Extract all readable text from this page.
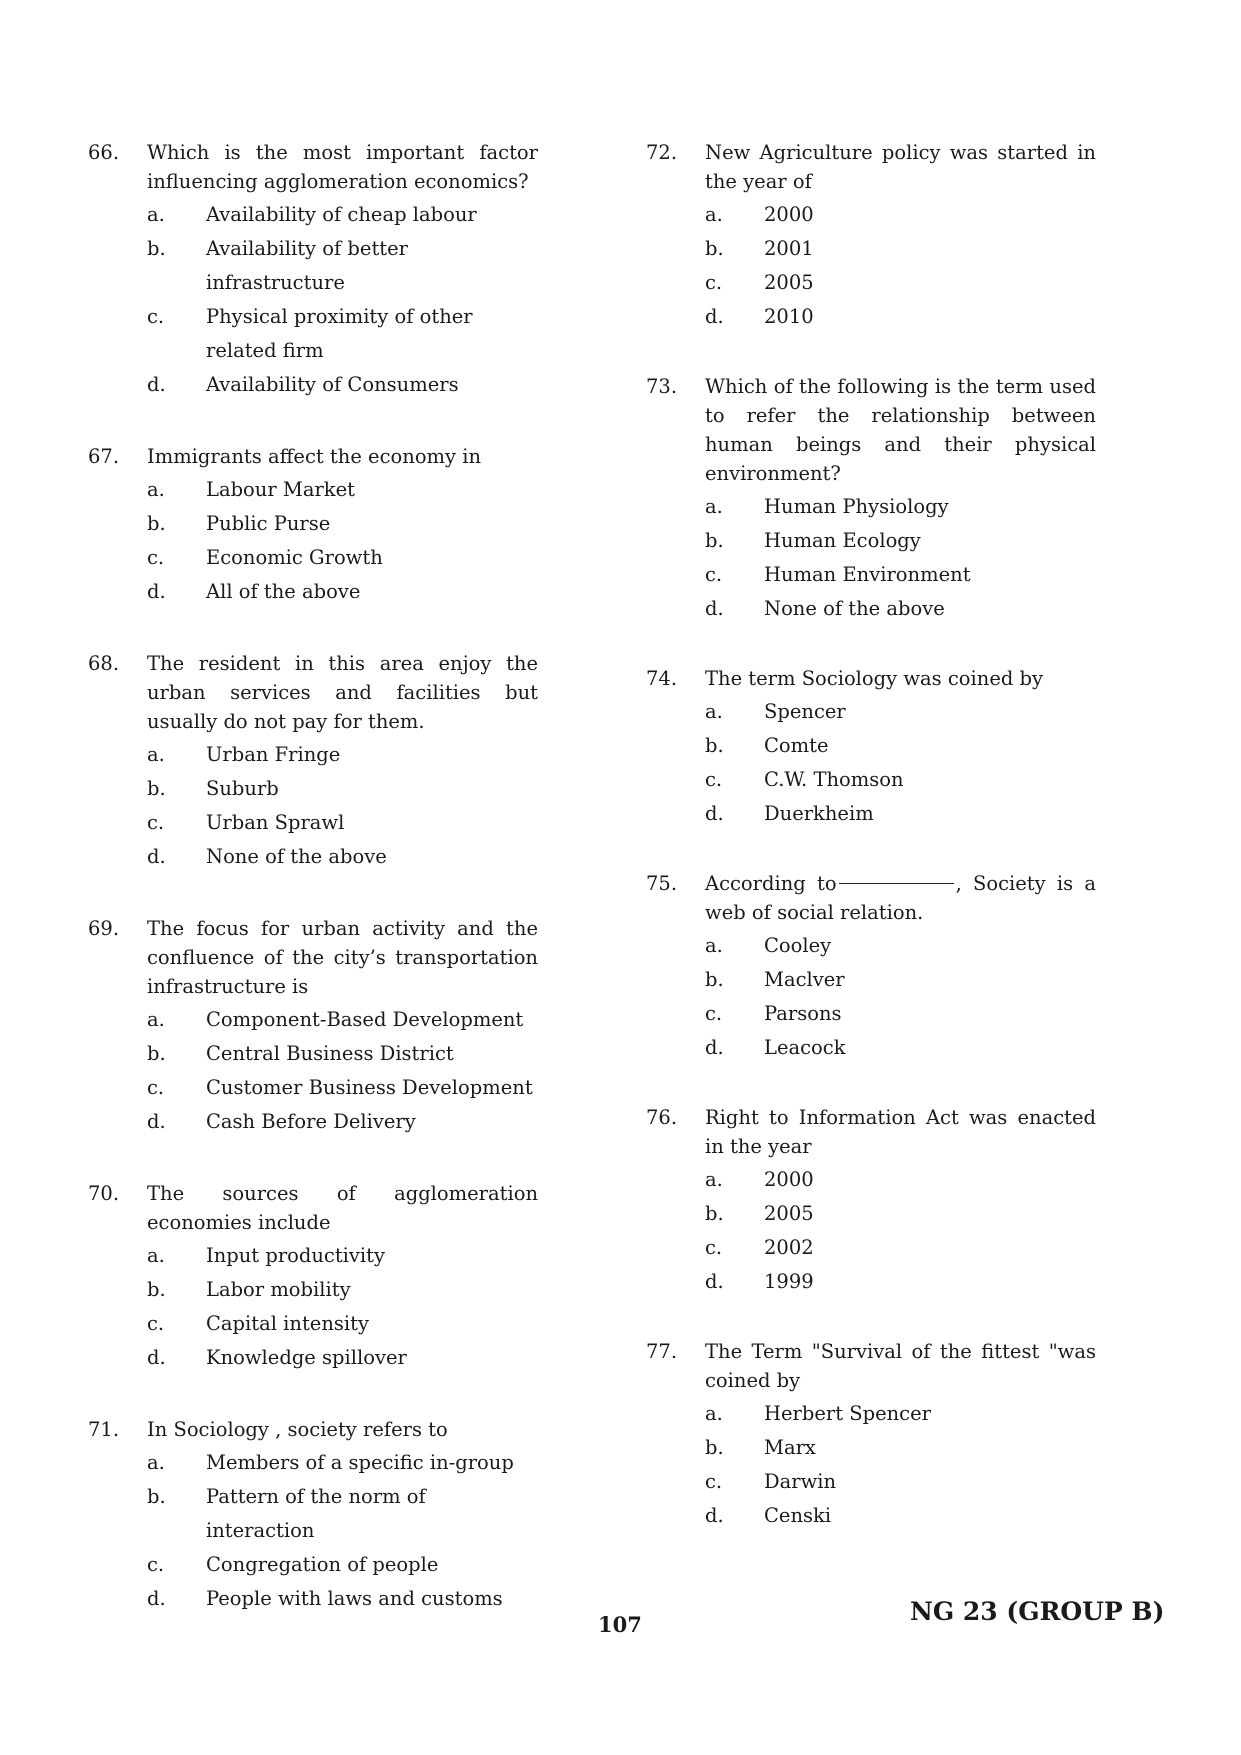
66.	Which is the most important factor influencing agglomeration economics?
a.	Availability of cheap labour
b.	Availability of better infrastructure
c.	Physical proximity of other related firm
d.	Availability of Consumers
67.	Immigrants affect the economy in
a.	Labour Market
b.	Public Purse
c.	Economic Growth
d.	All of the above
68.	The resident in this area enjoy the urban services and facilities but usually do not pay for them.
a.	Urban Fringe
b.	Suburb
c.	Urban Sprawl
d.	None of the above
69.	The focus for urban activity and the confluence of the city’s transportation infrastructure is
a.	Component-Based Development
b.	Central Business District
c.	Customer Business Development
d.	Cash Before Delivery
70.	The sources of agglomeration economies include
a.	Input productivity
b.	Labor mobility
c.	Capital intensity
d.	Knowledge spillover
71.	In Sociology , society refers to
a.	Members of a specific in-group
b.	Pattern of the norm of interaction
c.	Congregation of people
d.	People with laws and customs
72.	New Agriculture policy was started in the year of
a.	2000
b.	2001
c.	2005
d.	2010
73.	Which of the following is the term used to refer the relationship between human beings and their physical environment?
a.	Human Physiology
b.	Human Ecology
c.	Human Environment
d.	None of the above
74.	The term Sociology was coined by
a.	Spencer
b.	Comte
c.	C.W. Thomson
d.	Duerkheim
75.	According to	, Society is a web of social relation.
a.	Cooley
b.	Maclver
c.	Parsons
d.	Leacock
76.	Right to Information Act was enacted in the year
a.	2000
b.	2005
c.	2002
d.	1999
77.	The Term "Survival of the fittest "was coined by
a.	Herbert Spencer
b.	Marx
c.	Darwin
d.	Censki
107	NG 23 (GROUP B)
